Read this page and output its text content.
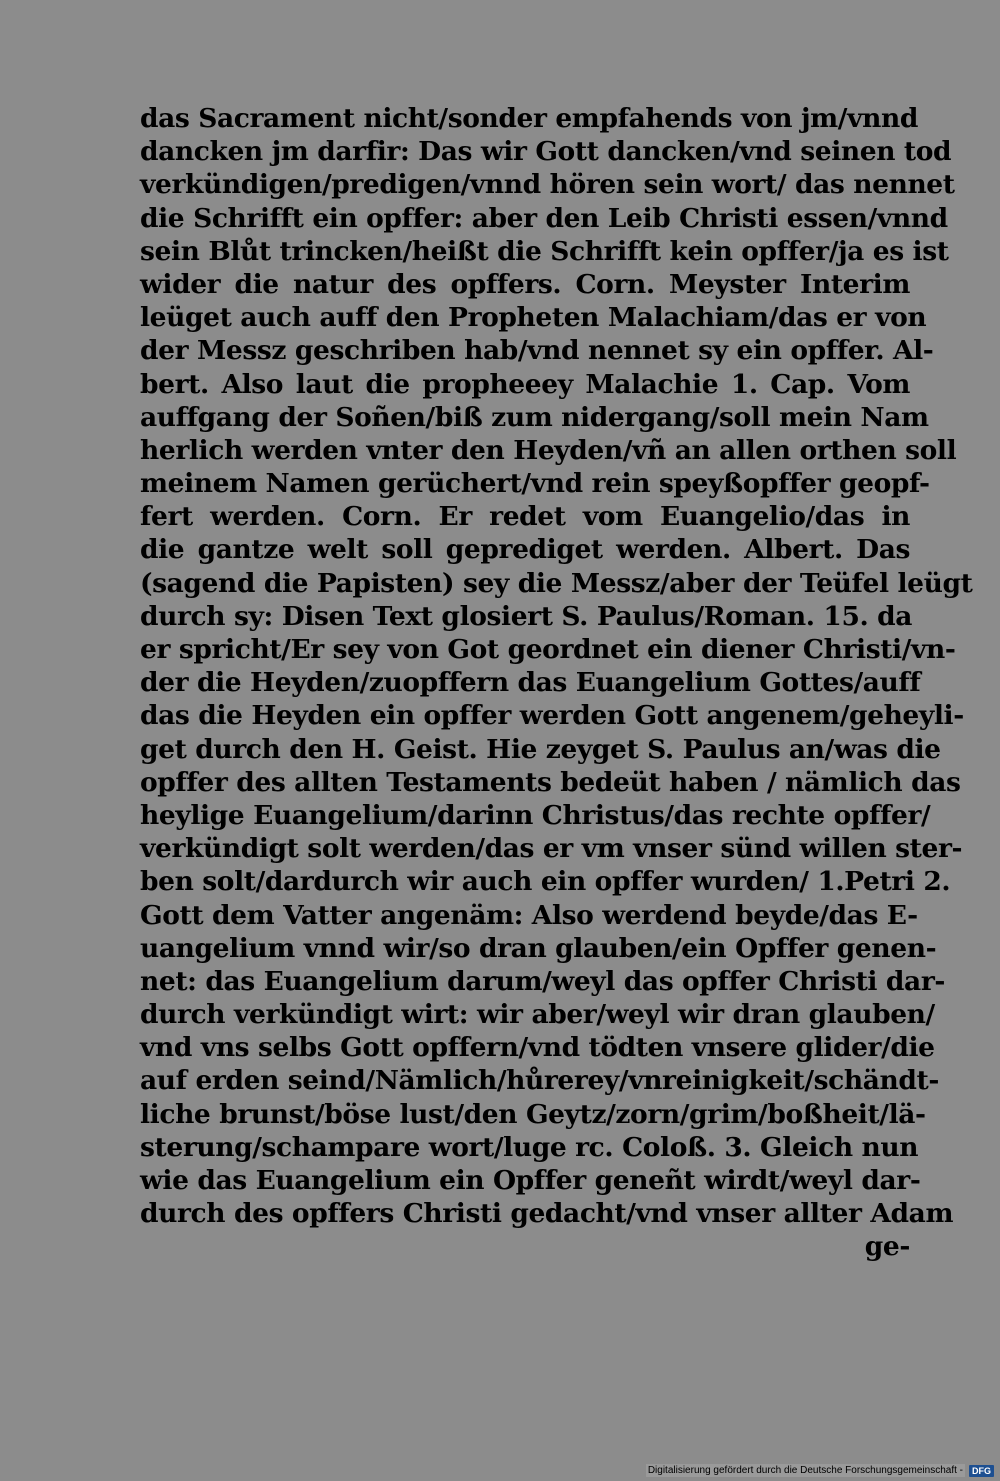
das Sacrament nicht/sonder empfahends von jm/vnnd
dancken jm darfir: Das wir Gott dancken/vnd seinen tod
verkündigen/predigen/vnnd hören sein wort/ das nennet
die Schrifft ein opffer: aber den Leib Christi essen/vnnd
sein Blůt trincken/heißt die Schrifft kein opffer/ja es ist
wider die natur des opffers. Corn. Meyster Interim
leüget auch auff den Propheten Malachiam/das er von
der Messz geschriben hab/vnd nennet sy ein opffer. Al-
bert. Also laut die propheeey Malachie 1. Cap. Vom
auffgang der Soñen/biß zum nidergang/soll mein Nam
herlich werden vnter den Heyden/vñ an allen orthen soll
meinem Namen gerüchert/vnd rein speyßopffer geopf-
fert werden. Corn. Er redet vom Euangelio/das in
die gantze welt soll geprediget werden. Albert. Das
(sagend die Papisten) sey die Messz/aber der Teüfel leügt
durch sy: Disen Text glosiert S. Paulus/Roman. 15. da
er spricht/Er sey von Got geordnet ein diener Christi/vn-
der die Heyden/zuopffern das Euangelium Gottes/auff
das die Heyden ein opffer werden Gott angenem/geheyli-
get durch den H. Geist. Hie zeyget S. Paulus an/was die
opffer des allten Testaments bedeüt haben / nämlich das
heylige Euangelium/darinn Christus/das rechte opffer/
verkündigt solt werden/das er vm vnser sünd willen ster-
ben solt/dardurch wir auch ein opffer wurden/ 1.Petri 2.
Gott dem Vatter angenäm: Also werdend beyde/das E-
uangelium vnnd wir/so dran glauben/ein Opffer genen-
net: das Euangelium darum/weyl das opffer Christi dar-
durch verkündigt wirt: wir aber/weyl wir dran glauben/
vnd vns selbs Gott opffern/vnd tödten vnsere glider/die
auf erden seind/Nämlich/hůrerey/vnreinigkeit/schändt-
liche brunst/böse lust/den Geytz/zorn/grim/boßheit/lä-
sterung/schampare wort/luge rc. Coloß. 3. Gleich nun
wie das Euangelium ein Opffer geneñt wirdt/weyl dar-
durch des opffers Christi gedacht/vnd vnser allter Adam
ge-
Digitalisierung gefördert durch die Deutsche Forschungsgemeinschaft -	DFG
